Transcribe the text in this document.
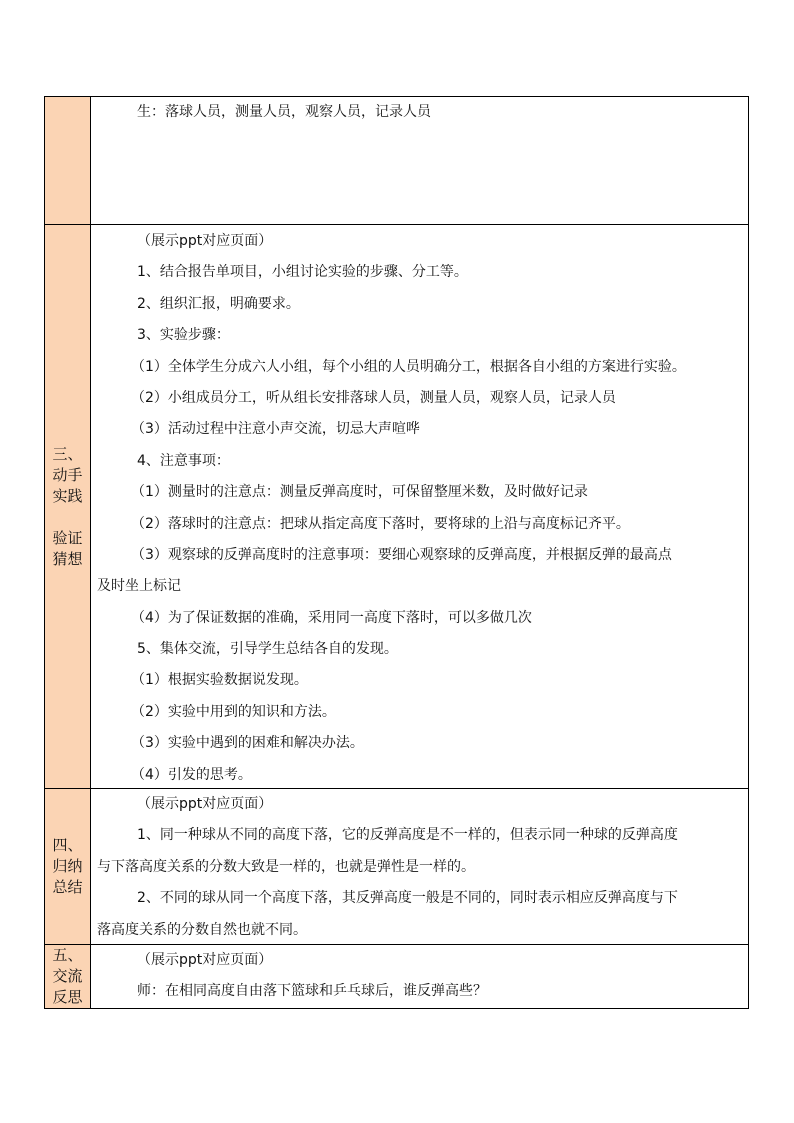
生：落球人员，测量人员，观察人员，记录人员
三、
动手
实践
验证
猜想
（展示ppt对应页面）
1、结合报告单项目，小组讨论实验的步骤、分工等。
2、组织汇报，明确要求。
3、实验步骤：
（1）全体学生分成六人小组，每个小组的人员明确分工，根据各自小组的方案进行实验。
（2）小组成员分工，听从组长安排落球人员，测量人员，观察人员，记录人员
（3）活动过程中注意小声交流，切忌大声喧哗
4、注意事项：
（1）测量时的注意点：测量反弹高度时，可保留整厘米数，及时做好记录
（2）落球时的注意点：把球从指定高度下落时，要将球的上沿与高度标记齐平。
（3）观察球的反弹高度时的注意事项：要细心观察球的反弹高度，并根据反弹的最高点
及时坐上标记
（4）为了保证数据的准确，采用同一高度下落时，可以多做几次
5、集体交流，引导学生总结各自的发现。
（1）根据实验数据说发现。
（2）实验中用到的知识和方法。
（3）实验中遇到的困难和解决办法。
（4）引发的思考。
四、
归纳
总结
（展示ppt对应页面）
1、同一种球从不同的高度下落，它的反弹高度是不一样的，但表示同一种球的反弹高度
与下落高度关系的分数大致是一样的，也就是弹性是一样的。
2、不同的球从同一个高度下落，其反弹高度一般是不同的，同时表示相应反弹高度与下
落高度关系的分数自然也就不同。
五、
交流
反思
（展示ppt对应页面）
师：在相同高度自由落下篮球和乒乓球后，谁反弹高些？
